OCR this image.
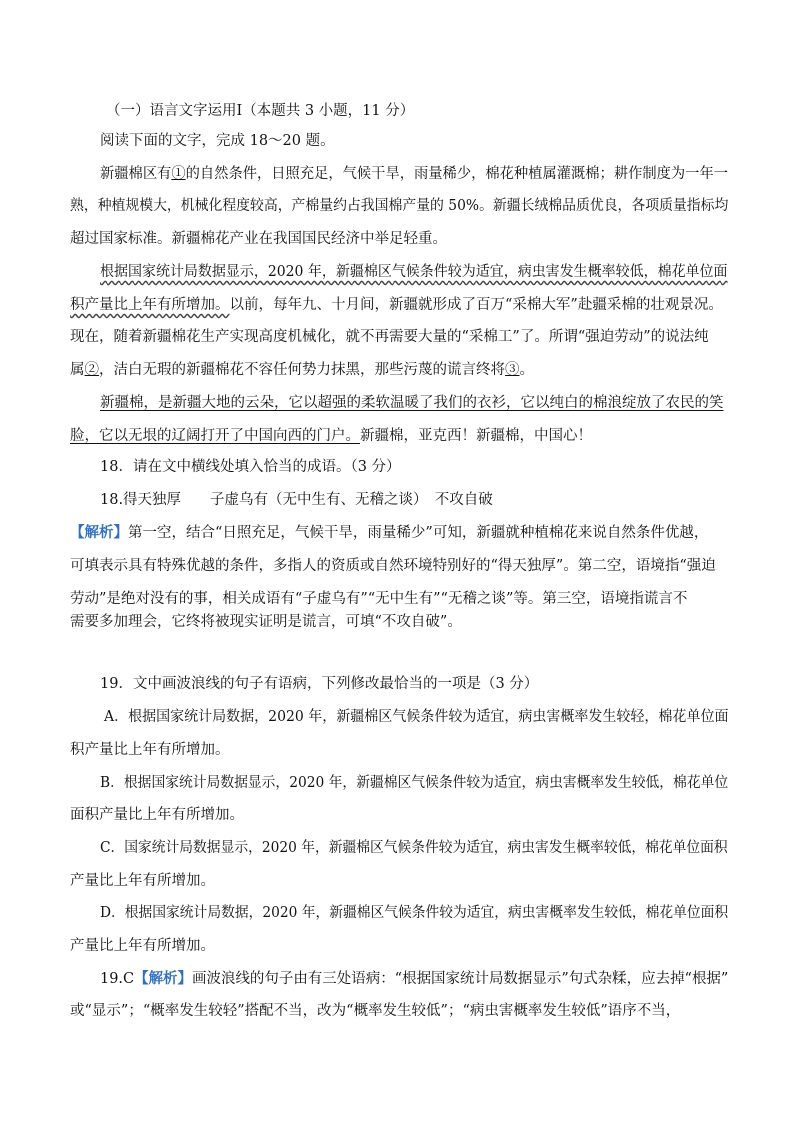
（一）语言文字运用Ⅰ（本题共 3 小题，11 分）
阅读下面的文字，完成 18～20 题。
新疆棉区有①的自然条件，日照充足，气候干旱，雨量稀少，棉花种植属灌溉棉；耕作制度为一年一
熟，种植规模大，机械化程度较高，产棉量约占我国棉产量的 50%。新疆长绒棉品质优良，各项质量指标均
超过国家标准。新疆棉花产业在我国国民经济中举足轻重。
根据国家统计局数据显示，2020 年，新疆棉区气候条件较为适宜，病虫害发生概率较低，棉花单位面
积产量比上年有所增加。以前，每年九、十月间，新疆就形成了百万“采棉大军”赴疆采棉的壮观景况。
现在，随着新疆棉花生产实现高度机械化，就不再需要大量的“采棉工”了。所谓“强迫劳动”的说法纯
属②，洁白无瑕的新疆棉花不容任何势力抹黑，那些污蔑的谎言终将③。
新疆棉，是新疆大地的云朵，它以超强的柔软温暖了我们的衣衫，它以纯白的棉浪绽放了农民的笑
脸，它以无垠的辽阔打开了中国向西的门户。新疆棉，亚克西！新疆棉，中国心！
18．请在文中横线处填入恰当的成语。（3 分）
18.得天独厚　　子虚乌有（无中生有、无稽之谈）　不攻自破
【解析】第一空，结合“日照充足，气候干旱，雨量稀少”可知，新疆就种植棉花来说自然条件优越，
可填表示具有特殊优越的条件，多指人的资质或自然环境特别好的“得天独厚”。第二空，语境指“强迫
劳动”是绝对没有的事，相关成语有“子虚乌有”“无中生有”“无稽之谈”等。第三空，语境指谎言不
需要多加理会，它终将被现实证明是谎言，可填“不攻自破”。
19．文中画波浪线的句子有语病，下列修改最恰当的一项是（3 分）
A．根据国家统计局数据，2020 年，新疆棉区气候条件较为适宜，病虫害概率发生较轻，棉花单位面
积产量比上年有所增加。
B．根据国家统计局数据显示，2020 年，新疆棉区气候条件较为适宜，病虫害概率发生较低，棉花单位
面积产量比上年有所增加。
C．国家统计局数据显示，2020 年，新疆棉区气候条件较为适宜，病虫害发生概率较低，棉花单位面积
产量比上年有所增加。
D．根据国家统计局数据，2020 年，新疆棉区气候条件较为适宜，病虫害概率发生较低，棉花单位面积
产量比上年有所增加。
19.C【解析】画波浪线的句子由有三处语病：“根据国家统计局数据显示”句式杂糅，应去掉“根据”
或“显示”；“概率发生较轻”搭配不当，改为“概率发生较低”；“病虫害概率发生较低”语序不当，
